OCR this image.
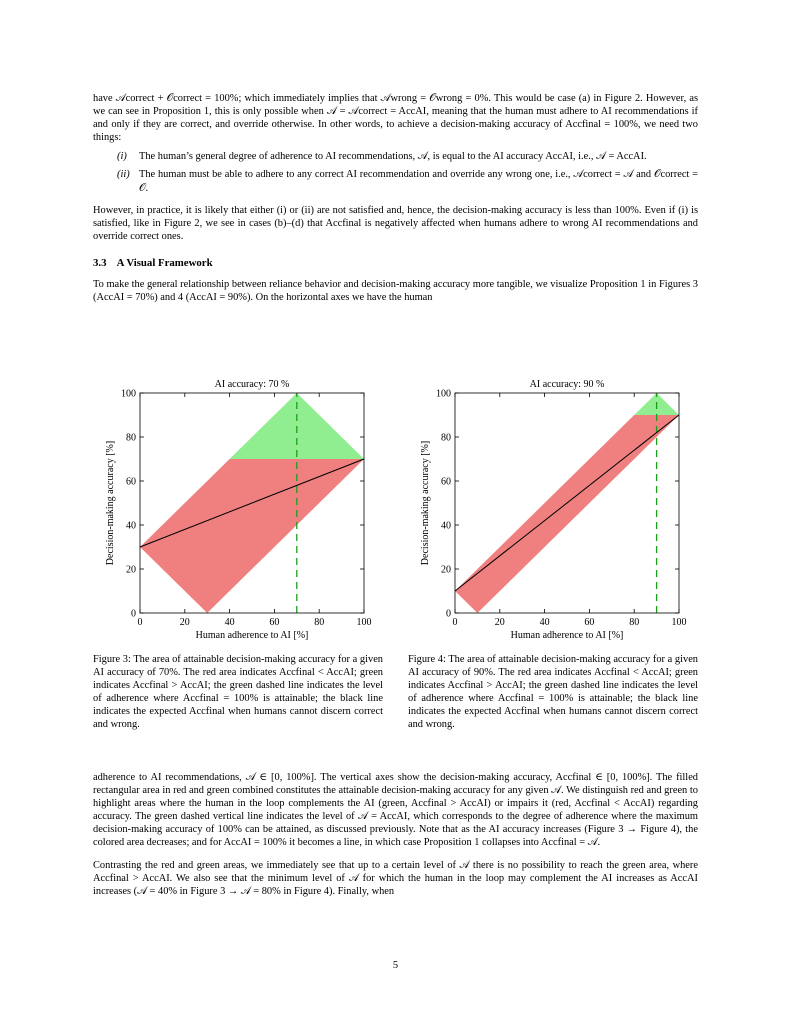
have 𝒜correct + 𝒪correct = 100%; which immediately implies that 𝒜wrong = 𝒪wrong = 0%. This would be case (a) in Figure 2. However, as we can see in Proposition 1, this is only possible when 𝒜 = 𝒜correct = AccAI, meaning that the human must adhere to AI recommendations if and only if they are correct, and override otherwise. In other words, to achieve a decision-making accuracy of Accfinal = 100%, we need two things:

(i) The human’s general degree of adherence to AI recommendations, 𝒜, is equal to the AI accuracy AccAI, i.e., 𝒜 = AccAI.
(ii) The human must be able to adhere to any correct AI recommendation and override any wrong one, i.e., 𝒜correct = 𝒜 and 𝒪correct = 𝒪.

However, in practice, it is likely that either (i) or (ii) are not satisfied and, hence, the decision-making accuracy is less than 100%. Even if (i) is satisfied, like in Figure 2, we see in cases (b)–(d) that Accfinal is negatively affected when humans adhere to wrong AI recommendations and override correct ones.

3.3 A Visual Framework

To make the general relationship between reliance behavior and decision-making accuracy more tangible, we visualize Proposition 1 in Figures 3 (AccAI = 70%) and 4 (AccAI = 90%). On the horizontal axes we have the human

0	20	40	60	80	100
0
20
40
60
80
100
AI accuracy: 70 %
Human adherence to AI [%]
Decision-making accuracy [%]
Figure 3: The area of attainable decision-making accuracy for a given AI accuracy of 70%. The red area indicates Accfinal < AccAI; green indicates Accfinal > AccAI; the green dashed line indicates the level of adherence where Accfinal = 100% is attainable; the black line indicates the expected Accfinal when humans cannot discern correct and wrong.
0	20	40	60	80	100
0
20
40
60
80
100
AI accuracy: 90 %
Human adherence to AI [%]
Decision-making accuracy [%]
Figure 4: The area of attainable decision-making accuracy for a given AI accuracy of 90%. The red area indicates Accfinal < AccAI; green indicates Accfinal > AccAI; the green dashed line indicates the level of adherence where Accfinal = 100% is attainable; the black line indicates the expected Accfinal when humans cannot discern correct and wrong.

adherence to AI recommendations, 𝒜 ∈ [0, 100%]. The vertical axes show the decision-making accuracy, Accfinal ∈ [0, 100%]. The filled rectangular area in red and green combined constitutes the attainable decision-making accuracy for any given 𝒜. We distinguish red and green to highlight areas where the human in the loop complements the AI (green, Accfinal > AccAI) or impairs it (red, Accfinal < AccAI) regarding accuracy. The green dashed vertical line indicates the level of 𝒜 = AccAI, which corresponds to the degree of adherence where the maximum decision-making accuracy of 100% can be attained, as discussed previously. Note that as the AI accuracy increases (Figure 3 → Figure 4), the colored area decreases; and for AccAI = 100% it becomes a line, in which case Proposition 1 collapses into Accfinal = 𝒜.

Contrasting the red and green areas, we immediately see that up to a certain level of 𝒜 there is no possibility to reach the green area, where Accfinal > AccAI. We also see that the minimum level of 𝒜 for which the human in the loop may complement the AI increases as AccAI increases (𝒜 = 40% in Figure 3 → 𝒜 = 80% in Figure 4). Finally, when

5
